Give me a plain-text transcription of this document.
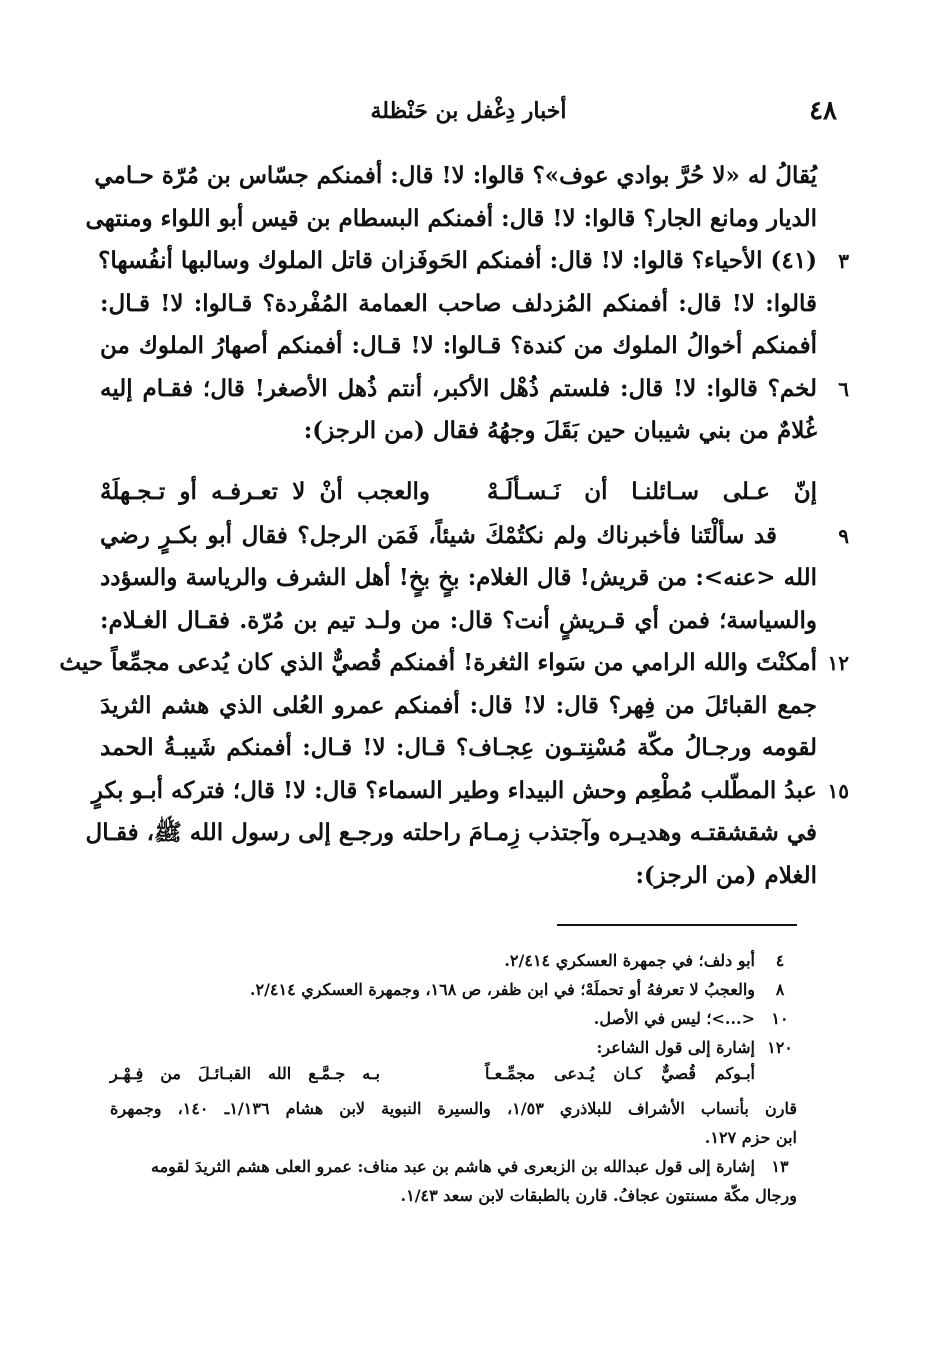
٤٨
أخبار دِغْفل بن حَنْظلة
يُقالُ له «لا حُرَّ بوادي عوف»؟ قالوا: لا! قال: أفمنكم جسّاس بن مُرّة حـامي
الديار ومانع الجار؟ قالوا: لا! قال: أفمنكم البسطام بن قيس أبو اللواء ومنتهى
٣
(٤١) الأحياء؟ قالوا: لا! قال: أفمنكم الحَوفَزان قاتل الملوك وسالبها أنفُسها؟
قالوا: لا! قال: أفمنكم المُزدلف صاحب العمامة المُفْردة؟ قـالوا: لا! قـال:
أفمنكم أخوالُ الملوك من كندة؟ قـالوا: لا! قـال: أفمنكم أصهارُ الملوك من
٦
لخم؟ قالوا: لا! قال: فلستم ذُهْل الأكبر، أنتم ذُهل الأصغر! قال؛ فقـام إليه
غُلامٌ من بني شيبان حين بَقَلَ وجهُهُ فقال (من الرجز):
إنّ عـلى سـائلنـا أن نَـسـألَـهْ
والعجب أنْ لا تعـرفـه أو تـجـهلَهْ
٩
قد سألْتَنا فأخبرناك ولم نكتُمْكَ شيئاً، فَمَن الرجل؟ فقال أبو بكـرٍ رضي
الله <عنه>: من قريش! قال الغلام: بخٍ بخٍ! أهل الشرف والرياسة والسؤدد
والسياسة؛ فمن أي قـريشٍ أنت؟ قال: من ولـد تيم بن مُرّة. فقـال الغـلام:
١٢
أمكنْتَ والله الرامي من سَواء الثغرة! أفمنكم قُصيٌّ الذي كان يُدعى مجمِّعاً حيث
جمع القبائلَ من فِهر؟ قال: لا! قال: أفمنكم عمرو العُلى الذي هشم الثريدَ
لقومه ورجـالُ مكّة مُسْنِتـون عِجـاف؟ قـال: لا! قـال: أفمنكم شَيبـةُ الحمد
١٥
عبدُ المطّلب مُطْعِم وحش البيداء وطير السماء؟ قال: لا! قال؛ فتركه أبـو بكرٍ
في شقشقتـه وهديـره وآجتذب زِمـامَ راحلته ورجـع إلى رسول الله ﷺ، فقـال
الغلام (من الرجز):
٤
أبو دلف؛ في جمهرة العسكري ٢/٤١٤.
٨
والعجبُ لا تعرفهُ أو تحملَهْ؛ في ابن ظفر، ص ١٦٨، وجمهرة العسكري ٢/٤١٤.
١٠
<...>؛ ليس في الأصل.
١٢٠
إشارة إلى قول الشاعر:
أبـوكم قُصيٌّ كـان يُـدعى مجمِّـعـاً
بـه جـمَّـع الله القبـائـلَ من فِـهْـر
قارن بأنساب الأشراف للبلاذري ١/٥٣، والسيرة النبوية لابن هشام ١/١٣٦ـ ١٤٠، وجمهرة
ابن حزم ١٢٧.
١٣
إشارة إلى قول عبدالله بن الزبعرى في هاشم بن عبد مناف: عمرو العلى هشم الثريدَ لقومه
ورجال مكّة مسنتون عجافُ. قارن بالطبقات لابن سعد ١/٤٣.
